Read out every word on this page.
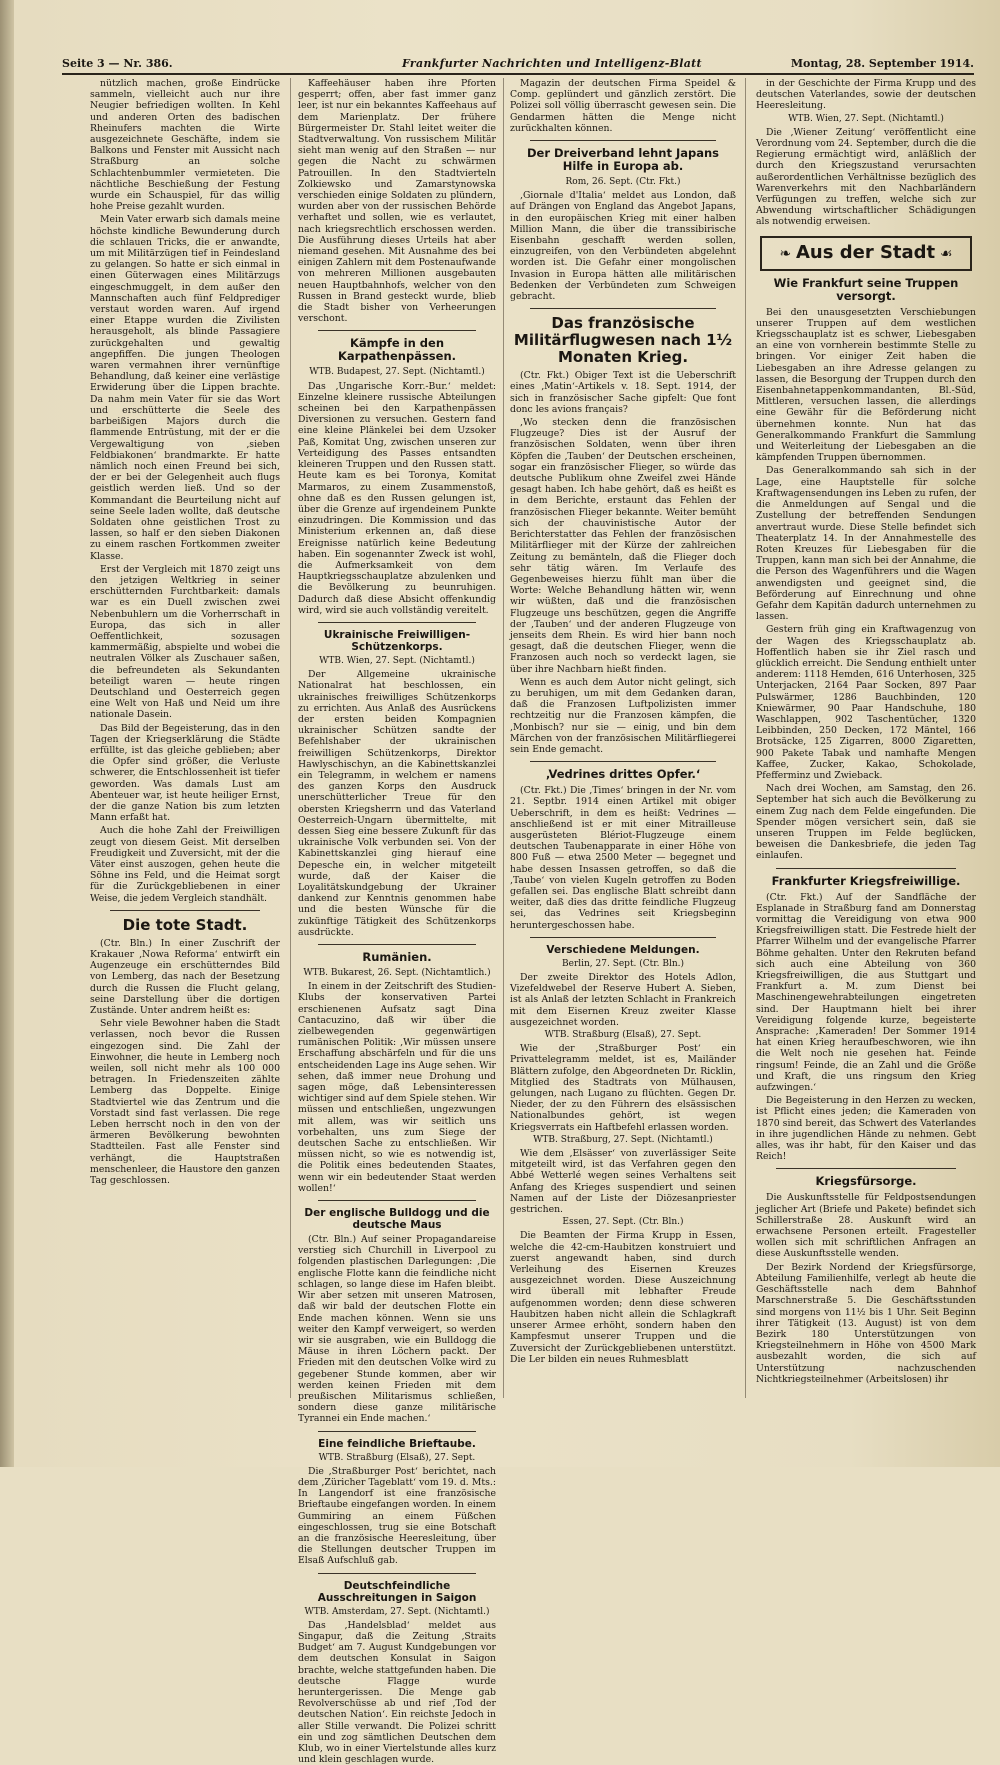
Seite 3 — Nr. 386.	Frankfurter Nachrichten und Intelligenz-Blatt	Montag, 28. September 1914.

nützlich machen, große Eindrücke sammeln, vielleicht auch nur ihre Neugier befriedigen wollten. In Kehl und anderen Orten des badischen Rheinufers machten die Wirte ausgezeichnete Geschäfte, indem sie Balkons und Fenster mit Aussicht nach Straßburg an solche Schlachtenbummler vermieteten. Die nächtliche Beschießung der Festung wurde ein Schauspiel, für das willig hohe Preise gezahlt wurden.

Mein Vater erwarb sich damals meine höchste kindliche Bewunderung durch die schlauen Tricks, die er anwandte, um mit Militärzügen tief in Feindesland zu gelangen. So hatte er sich einmal in einen Güterwagen eines Militärzugs eingeschmuggelt, in dem außer den Mannschaften auch fünf Feldprediger verstaut worden waren. Auf irgend einer Etappe wurden die Zivilisten herausgeholt, als blinde Passagiere zurückgehalten und gewaltig angepfiffen. Die jungen Theologen waren vermahnen ihrer vernünftige Behandlung, daß keiner eine verlästige Erwiderung über die Lippen brachte. Da nahm mein Vater für sie das Wort und erschütterte die Seele des barbeißigen Majors durch die flammende Entrüstung, mit der er die Vergewaltigung von ‚sieben Feldbiakonen‘ brandmarkte. Er hatte nämlich noch einen Freund bei sich, der er bei der Gelegenheit auch flugs geistlich werden ließ. Und so der Kommandant die Beurteilung nicht auf seine Seele laden wollte, daß deutsche Soldaten ohne geistlichen Trost zu lassen, so half er den sieben Diakonen zu einem raschen Fortkommen zweiter Klasse.

Erst der Vergleich mit 1870 zeigt uns den jetzigen Weltkrieg in seiner erschütternden Furchtbarkeit: damals war es ein Duell zwischen zwei Nebenbuhlern um die Vorherrschaft in Europa, das sich in aller Oeffentlichkeit, sozusagen kammermäßig, abspielte und wobei die neutralen Völker als Zuschauer saßen, die befreundeten als Sekundanten beteiligt waren — heute ringen Deutschland und Oesterreich gegen eine Welt von Haß und Neid um ihre nationale Dasein.

Das Bild der Begeisterung, das in den Tagen der Kriegserklärung die Städte erfüllte, ist das gleiche geblieben; aber die Opfer sind größer, die Verluste schwerer, die Entschlossenheit ist tiefer geworden. Was damals Lust am Abenteuer war, ist heute heiliger Ernst, der die ganze Nation bis zum letzten Mann erfaßt hat.

Auch die hohe Zahl der Freiwilligen zeugt von diesem Geist. Mit derselben Freudigkeit und Zuversicht, mit der die Väter einst auszogen, gehen heute die Söhne ins Feld, und die Heimat sorgt für die Zurückgebliebenen in einer Weise, die jedem Vergleich standhält.

Die tote Stadt.

(Ctr. Bln.) In einer Zuschrift der Krakauer ‚Nowa Reforma‘ entwirft ein Augenzeuge ein erschütterndes Bild von Lemberg, das nach der Besetzung durch die Russen die Flucht gelang, seine Darstellung über die dortigen Zustände. Unter andrem heißt es:

Sehr viele Bewohner haben die Stadt verlassen, noch bevor die Russen eingezogen sind. Die Zahl der Einwohner, die heute in Lemberg noch weilen, soll nicht mehr als 100 000 betragen. In Friedenszeiten zählte Lemberg das Doppelte. Einige Stadtviertel wie das Zentrum und die Vorstadt sind fast verlassen. Die rege Leben herrscht noch in den von der ärmeren Bevölkerung bewohnten Stadtteilen. Fast alle Fenster sind verhängt, die Hauptstraßen menschenleer, die Haustore den ganzen Tag geschlossen.

Kaffeehäuser haben ihre Pforten gesperrt; offen, aber fast immer ganz leer, ist nur ein bekanntes Kaffeehaus auf dem Marienplatz. Der frühere Bürgermeister Dr. Stahl leitet weiter die Stadtverwaltung. Von russischem Militär sieht man wenig auf den Straßen — nur gegen die Nacht zu schwärmen Patrouillen. In den Stadtvierteln Zolkiewsko und Zamarstynowska verschieden einige Soldaten zu plündern, wurden aber von der russischen Behörde verhaftet und sollen, wie es verlautet, nach kriegsrechtlich erschossen werden. Die Ausführung dieses Urteils hat aber niemand gesehen. Mit Ausnahme des bei einigen Zahlern mit dem Postenaufwande von mehreren Millionen ausgebauten neuen Hauptbahnhofs, welcher von den Russen in Brand gesteckt wurde, blieb die Stadt bisher von Verheerungen verschont.

Kämpfe in den Karpathenpässen.
WTB. Budapest, 27. Sept. (Nichtamtl.)

Das ‚Ungarische Korr.-Bur.‘ meldet: Einzelne kleinere russische Abteilungen scheinen bei den Karpathenpässen Diversionen zu versuchen. Gestern fand eine kleine Plänkelei bei dem Uzsoker Paß, Komitat Ung, zwischen unseren zur Verteidigung des Passes entsandten kleineren Truppen und den Russen statt. Heute kam es bei Toronya, Komitat Marmaros, zu einem Zusammenstoß, ohne daß es den Russen gelungen ist, über die Grenze auf irgendeinem Punkte einzudringen. Die Kommission und das Ministerium erkennen an, daß diese Ereignisse natürlich keine Bedeutung haben. Ein sogenannter Zweck ist wohl, die Aufmerksamkeit von dem Hauptkriegsschauplatze abzulenken und die Bevölkerung zu beunruhigen. Dadurch daß diese Absicht offenkundig wird, wird sie auch vollständig vereitelt.

Ukrainische Freiwilligen-Schützenkorps.
WTB. Wien, 27. Sept. (Nichtamtl.)

Der Allgemeine ukrainische Nationalrat hat beschlossen, ein ukrainisches freiwilliges Schützenkorps zu errichten. Aus Anlaß des Ausrückens der ersten beiden Kompagnien ukrainischer Schützen sandte der Befehlshaber der ukrainischen freiwilligen Schützenkorps, Direktor Hawlyschischyn, an die Kabinettskanzlei ein Telegramm, in welchem er namens des ganzen Korps den Ausdruck unerschütterlicher Treue für den obersten Kriegsherrn und das Vaterland Oesterreich-Ungarn übermittelte, mit dessen Sieg eine bessere Zukunft für das ukrainische Volk verbunden sei. Von der Kabinettskanzlei ging hierauf eine Depesche ein, in welcher mitgeteilt wurde, daß der Kaiser die Loyalitätskundgebung der Ukrainer dankend zur Kenntnis genommen habe und die besten Wünsche für die zukünftige Tätigkeit des Schützenkorps ausdrückte.

Rumänien.
WTB. Bukarest, 26. Sept. (Nichtamtlich.)

In einem in der Zeitschrift des Studien-Klubs der konservativen Partei erschienenen Aufsatz sagt Dina Cantacuzino, daß wir über die zielbewegenden gegenwärtigen rumänischen Politik: ‚Wir müssen unsere Erschaffung abschärfeln und für die uns entscheidenden Lage ins Auge sehen. Wir sehen, daß immer neue Drohung und sagen möge, daß Lebensinteressen wichtiger sind auf dem Spiele stehen. Wir müssen und entschließen, ungezwungen mit allem, was wir seitlich uns vorbehalten, uns zum Siege der deutschen Sache zu entschließen. Wir müssen nicht, so wie es notwendig ist, die Politik eines bedeutenden Staates, wenn wir ein bedeutender Staat werden wollen!‘

Der englische Bulldogg und die deutsche Maus

(Ctr. Bln.) Auf seiner Propagandareise verstieg sich Churchill in Liverpool zu folgenden plastischen Darlegungen: ‚Die englische Flotte kann die feindliche nicht schlagen, so lange diese im Hafen bleibt. Wir aber setzen mit unseren Matrosen, daß wir bald der deutschen Flotte ein Ende machen können. Wenn sie uns weiter den Kampf verweigert, so werden wir sie ausgraben, wie ein Bulldogg die Mäuse in ihren Löchern packt. Der Frieden mit den deutschen Volke wird zu gegebener Stunde kommen, aber wir werden keinen Frieden mit dem preußischen Militarismus schließen, sondern diese ganze militärische Tyrannei ein Ende machen.‘

Eine feindliche Brieftaube.
WTB. Straßburg (Elsaß), 27. Sept.

Die ‚Straßburger Post‘ berichtet, nach dem ‚Züricher Tageblatt‘ vom 19. d. Mts.: In Langendorf ist eine französische Brieftaube eingefangen worden. In einem Gummiring an einem Füßchen eingeschlossen, trug sie eine Botschaft an die französische Heeresleitung, über die Stellungen deutscher Truppen im Elsaß Aufschluß gab.

Deutschfeindliche Ausschreitungen in Saigon
WTB. Amsterdam, 27. Sept. (Nichtamtl.)

Das ‚Handelsblad‘ meldet aus Singapur, daß die Zeitung ‚Straits Budget‘ am 7. August Kundgebungen vor dem deutschen Konsulat in Saigon brachte, welche stattgefunden haben. Die deutsche Flagge wurde heruntergerissen. Die Menge gab Revolverschüsse ab und rief ‚Tod der deutschen Nation‘. Ein reichste Jedoch in aller Stille verwandt. Die Polizei schritt ein und zog sämtlichen Deutschen dem Klub, wo in einer Viertelstunde alles kurz und klein geschlagen wurde.

Magazin der deutschen Firma Speidel & Comp. geplündert und gänzlich zerstört. Die Polizei soll völlig überrascht gewesen sein. Die Gendarmen hätten die Menge nicht zurückhalten können.

Der Dreiverband lehnt Japans Hilfe in Europa ab.
Rom, 26. Sept. (Ctr. Fkt.)

‚Giornale d'Italia‘ meldet aus London, daß auf Drängen von England das Angebot Japans, in den europäischen Krieg mit einer halben Million Mann, die über die transsibirische Eisenbahn geschafft werden sollen, einzugreifen, von den Verbündeten abgelehnt worden ist. Die Gefahr einer mongolischen Invasion in Europa hätten alle militärischen Bedenken der Verbündeten zum Schweigen gebracht.

Das französische Militärflugwesen nach 1½ Monaten Krieg.

(Ctr. Fkt.) Obiger Text ist die Ueberschrift eines ‚Matin‘-Artikels v. 18. Sept. 1914, der sich in französischer Sache gipfelt: Que font donc les avions français?

‚Wo stecken denn die französischen Flugzeuge? Dies ist der Ausruf der französischen Soldaten, wenn über ihren Köpfen die ‚Tauben‘ der Deutschen erscheinen, sogar ein französischer Flieger, so würde das deutsche Publikum ohne Zweifel zwei Hände gesagt haben. Ich habe gehört, daß es heißt es in dem Berichte, erstaunt das Fehlen der französischen Flieger bekannte. Weiter bemüht sich der chauvinistische Autor der Berichterstatter das Fehlen der französischen Militärflieger mit der Kürze der zahlreichen Zeitung zu bemänteln, daß die Flieger doch sehr tätig wären. Im Verlaufe des Gegenbeweises hierzu fühlt man über die Worte: Welche Behandlung hätten wir, wenn wir wüßten, daß und die französischen Flugzeuge uns beschützen, gegen die Angriffe der ‚Tauben‘ und der anderen Flugzeuge von jenseits dem Rhein. Es wird hier bann noch gesagt, daß die deutschen Flieger, wenn die Franzosen auch noch so verdeckt lagen, sie über ihre Nachbarn hießt finden.

Wenn es auch dem Autor nicht gelingt, sich zu beruhigen, um mit dem Gedanken daran, daß die Franzosen Luftpolizisten immer rechtzeitig nur die Franzosen kämpfen, die ‚Monbisch? nur sie — einig, und bin dem Märchen von der französischen Militärfliegerei sein Ende gemacht.

‚Vedrines drittes Opfer.‘

(Ctr. Fkt.) Die ‚Times‘ bringen in der Nr. vom 21. Septbr. 1914 einen Artikel mit obiger Ueberschrift, in dem es heißt: Vedrines — anschließend ist er mit einer Mitrailleuse ausgerüsteten Blériot-Flugzeuge einem deutschen Taubenapparate in einer Höhe von 800 Fuß — etwa 2500 Meter — begegnet und habe dessen Insassen getroffen, so daß die ‚Taube‘ von vielen Kugeln getroffen zu Boden gefallen sei. Das englische Blatt schreibt dann weiter, daß dies das dritte feindliche Flugzeug sei, das Vedrines seit Kriegsbeginn heruntergeschossen habe.

Verschiedene Meldungen.
Berlin, 27. Sept. (Ctr. Bln.)

Der zweite Direktor des Hotels Adlon, Vizefeldwebel der Reserve Hubert A. Sieben, ist als Anlaß der letzten Schlacht in Frankreich mit dem Eisernen Kreuz zweiter Klasse ausgezeichnet worden.

WTB. Straßburg (Elsaß), 27. Sept.

Wie der ‚Straßburger Post‘ ein Privattelegramm meldet, ist es, Mailänder Blättern zufolge, den Abgeordneten Dr. Ricklin, Mitglied des Stadtrats von Mülhausen, gelungen, nach Lugano zu flüchten. Gegen Dr. Nieder, der zu den Führern des elsässischen Nationalbundes gehört, ist wegen Kriegsverrats ein Haftbefehl erlassen worden.

WTB. Straßburg, 27. Sept. (Nichtamtl.)

Wie dem ‚Elsässer‘ von zuverlässiger Seite mitgeteilt wird, ist das Verfahren gegen den Abbé Wetterlé wegen seines Verhaltens seit Anfang des Krieges suspendiert und seinen Namen auf der Liste der Diözesanpriester gestrichen.

Essen, 27. Sept. (Ctr. Bln.)

Die Beamten der Firma Krupp in Essen, welche die 42-cm-Haubitzen konstruiert und zuerst angewandt haben, sind durch Verleihung des Eisernen Kreuzes ausgezeichnet worden. Diese Auszeichnung wird überall mit lebhafter Freude aufgenommen worden; denn diese schweren Haubitzen haben nicht allein die Schlagkraft unserer Armee erhöht, sondern haben den Kampfesmut unserer Truppen und die Zuversicht der Zurückgebliebenen unterstützt. Die Ler bilden ein neues Ruhmesblatt

in der Geschichte der Firma Krupp und des deutschen Vaterlandes, sowie der deutschen Heeresleitung.

WTB. Wien, 27. Sept. (Nichtamtl.)

Die ‚Wiener Zeitung‘ veröffentlicht eine Verordnung vom 24. September, durch die die Regierung ermächtigt wird, anläßlich der durch den Kriegszustand verursachten außerordentlichen Verhältnisse bezüglich des Warenverkehrs mit den Nachbarländern Verfügungen zu treffen, welche sich zur Abwendung wirtschaftlicher Schädigungen als notwendig erweisen.

❧ Aus der Stadt ☙
Wie Frankfurt seine Truppen versorgt.

Bei den unausgesetzten Verschiebungen unserer Truppen auf dem westlichen Kriegsschauplatz ist es schwer, Liebesgaben an eine von vornherein bestimmte Stelle zu bringen. Vor einiger Zeit haben die Liebesgaben an ihre Adresse gelangen zu lassen, die Besorgung der Truppen durch den Eisenbahnetappenkommandanten, Bl.-Süd, Mittleren, versuchen lassen, die allerdings eine Gewähr für die Beförderung nicht übernehmen konnte. Nun hat das Generalkommando Frankfurt die Sammlung und Weiterleitung der Liebesgaben an die kämpfenden Truppen übernommen.

Das Generalkommando sah sich in der Lage, eine Hauptstelle für solche Kraftwagensendungen ins Leben zu rufen, der die Anmeldungen auf Sengal und die Zustellung der betreffenden Sendungen anvertraut wurde. Diese Stelle befindet sich Theaterplatz 14. In der Annahmestelle des Roten Kreuzes für Liebesgaben für die Truppen, kann man sich bei der Annahme, die die Person des Wagenführers und die Wagen anwendigsten und geeignet sind, die Beförderung auf Einrechnung und ohne Gefahr dem Kapitän dadurch unternehmen zu lassen.

Gestern früh ging ein Kraftwagenzug von der Wagen des Kriegsschauplatz ab. Hoffentlich haben sie ihr Ziel rasch und glücklich erreicht. Die Sendung enthielt unter anderem: 1118 Hemden, 616 Unterhosen, 325 Unterjacken, 2164 Paar Socken, 897 Paar Pulswärmer, 1286 Bauchbinden, 120 Kniewärmer, 90 Paar Handschuhe, 180 Waschlappen, 902 Taschentücher, 1320 Leibbinden, 250 Decken, 172 Mäntel, 166 Brotsäcke, 125 Zigarren, 8000 Zigaretten, 900 Pakete Tabak und namhafte Mengen Kaffee, Zucker, Kakao, Schokolade, Pfefferminz und Zwieback.

Nach drei Wochen, am Samstag, den 26. September hat sich auch die Bevölkerung zu einem Zug nach dem Felde eingefunden. Die Spender mögen versichert sein, daß sie unseren Truppen im Felde beglücken, beweisen die Dankesbriefe, die jeden Tag einlaufen.

Frankfurter Kriegsfreiwillige.

(Ctr. Fkt.) Auf der Sandfläche der Esplanade in Straßburg fand am Donnerstag vormittag die Vereidigung von etwa 900 Kriegsfreiwilligen statt. Die Festrede hielt der Pfarrer Wilhelm und der evangelische Pfarrer Böhme gehalten. Unter den Rekruten befand sich auch eine Abteilung von 360 Kriegsfreiwilligen, die aus Stuttgart und Frankfurt a. M. zum Dienst bei Maschinengewehrabteilungen eingetreten sind. Der Hauptmann hielt bei ihrer Vereidigung folgende kurze, begeisterte Ansprache: ‚Kameraden! Der Sommer 1914 hat einen Krieg heraufbeschworen, wie ihn die Welt noch nie gesehen hat. Feinde ringsum! Feinde, die an Zahl und die Größe und Kraft, die uns ringsum den Krieg aufzwingen.‘

Die Begeisterung in den Herzen zu wecken, ist Pflicht eines jeden; die Kameraden von 1870 sind bereit, das Schwert des Vaterlandes in ihre jugendlichen Hände zu nehmen. Gebt alles, was ihr habt, für den Kaiser und das Reich!

Kriegsfürsorge.

Die Auskunftsstelle für Feldpostsendungen jeglicher Art (Briefe und Pakete) befindet sich Schillerstraße 28. Auskunft wird an erwachsene Personen erteilt. Fragesteller wollen sich mit schriftlichen Anfragen an diese Auskunftsstelle wenden.

Der Bezirk Nordend der Kriegsfürsorge, Abteilung Familienhilfe, verlegt ab heute die Geschäftsstelle nach dem Bahnhof Marschnerstraße 5. Die Geschäftsstunden sind morgens von 11½ bis 1 Uhr. Seit Beginn ihrer Tätigkeit (13. August) ist von dem Bezirk 180 Unterstützungen von Kriegsteilnehmern in Höhe von 4500 Mark ausbezahlt worden, die sich auf Unterstützung nachzuschenden Nichtkriegsteilnehmer (Arbeitslosen) ihr
